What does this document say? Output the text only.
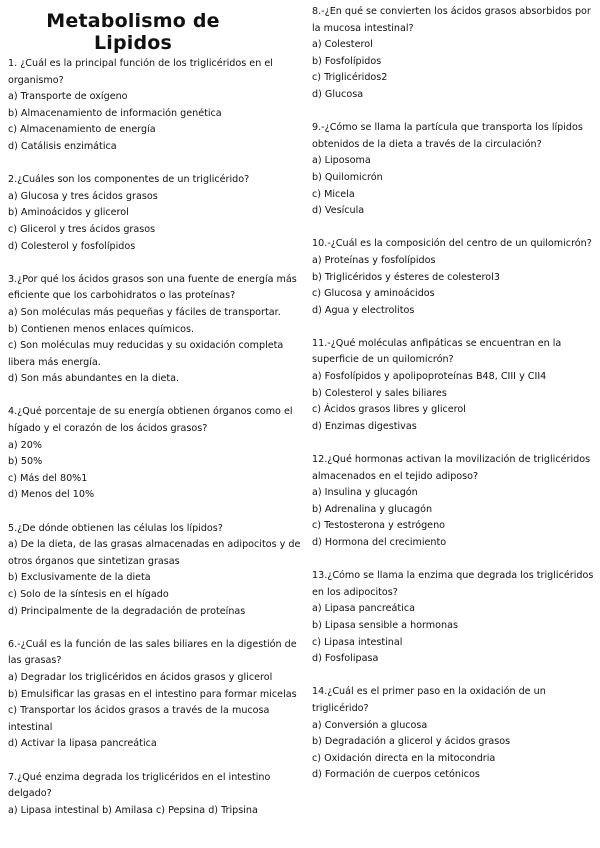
Metabolismo de Lipidos

1. ¿Cuál es la principal función de los triglicéridos en el organismo?

a) Transporte de oxígeno

b) Almacenamiento de información genética

c) Almacenamiento de energía

d) Catálisis enzimática

2.¿Cuáles son los componentes de un triglicérido?

a) Glucosa y tres ácidos grasos

b) Aminoácidos y glicerol

c) Glicerol y tres ácidos grasos

d) Colesterol y fosfolípidos

3.¿Por qué los ácidos grasos son una fuente de energía más eficiente que los carbohidratos o las proteínas?

a) Son moléculas más pequeñas y fáciles de transportar.

b) Contienen menos enlaces químicos.

c) Son moléculas muy reducidas y su oxidación completa libera más energía.

d) Son más abundantes en la dieta.

4.¿Qué porcentaje de su energía obtienen órganos como el hígado y el corazón de los ácidos grasos?

a) 20%

b) 50%

c) Más del 80%1

d) Menos del 10%

5.¿De dónde obtienen las células los lípidos?

a) De la dieta, de las grasas almacenadas en adipocitos y de otros órganos que sintetizan grasas

b) Exclusivamente de la dieta

c) Solo de la síntesis en el hígado

d) Principalmente de la degradación de proteínas

6.-¿Cuál es la función de las sales biliares en la digestión de las grasas?

a) Degradar los triglicéridos en ácidos grasos y glicerol

b) Emulsificar las grasas en el intestino para formar micelas

c) Transportar los ácidos grasos a través de la mucosa intestinal

d) Activar la lipasa pancreática

7.¿Qué enzima degrada los triglicéridos en el intestino delgado?

a) Lipasa intestinal b) Amilasa c) Pepsina d) Tripsina

8.-¿En qué se convierten los ácidos grasos absorbidos por la mucosa intestinal?

a) Colesterol

b) Fosfolípidos

c) Triglicéridos2

d) Glucosa

9.-¿Cómo se llama la partícula que transporta los lípidos obtenidos de la dieta a través de la circulación?

a) Liposoma

b) Quilomicrón

c) Micela

d) Vesícula

10.-¿Cuál es la composición del centro de un quilomicrón?

a) Proteínas y fosfolípidos

b) Triglicéridos y ésteres de colesterol3

c) Glucosa y aminoácidos

d) Agua y electrolitos

11.-¿Qué moléculas anfipáticas se encuentran en la superficie de un quilomicrón?

a) Fosfolípidos y apolipoproteínas B48, CIII y CII4

b) Colesterol y sales biliares

c) Ácidos grasos libres y glicerol

d) Enzimas digestivas

12.¿Qué hormonas activan la movilización de triglicéridos almacenados en el tejido adiposo?

a) Insulina y glucagón

b) Adrenalina y glucagón

c) Testosterona y estrógeno

d) Hormona del crecimiento

13.¿Cómo se llama la enzima que degrada los triglicéridos en los adipocitos?

a) Lipasa pancreática

b) Lipasa sensible a hormonas

c) Lipasa intestinal

d) Fosfolipasa

14.¿Cuál es el primer paso en la oxidación de un triglicérido?

a) Conversión a glucosa

b) Degradación a glicerol y ácidos grasos

c) Oxidación directa en la mitocondria

d) Formación de cuerpos cetónicos
